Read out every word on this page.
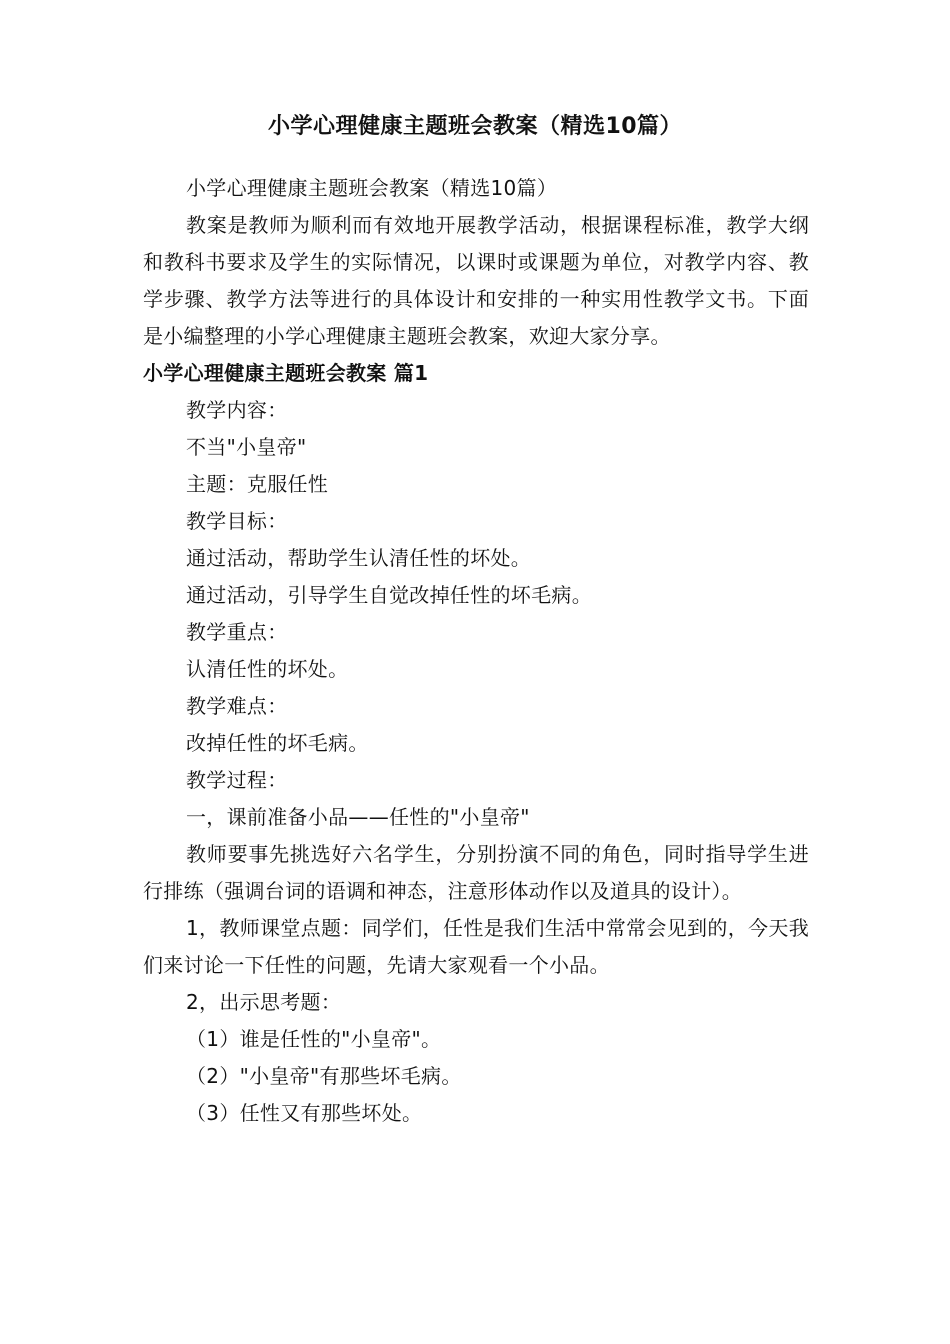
小学心理健康主题班会教案（精选10篇）

小学心理健康主题班会教案（精选10篇）

教案是教师为顺利而有效地开展教学活动，根据课程标准，教学大纲和教科书要求及学生的实际情况，以课时或课题为单位，对教学内容、教学步骤、教学方法等进行的具体设计和安排的一种实用性教学文书。下面是小编整理的小学心理健康主题班会教案，欢迎大家分享。

小学心理健康主题班会教案 篇1

教学内容：

不当"小皇帝"

主题：克服任性

教学目标：

通过活动，帮助学生认清任性的坏处。

通过活动，引导学生自觉改掉任性的坏毛病。

教学重点：

认清任性的坏处。

教学难点：

改掉任性的坏毛病。

教学过程：

一，课前准备小品——任性的"小皇帝"

教师要事先挑选好六名学生，分别扮演不同的角色，同时指导学生进行排练（强调台词的语调和神态，注意形体动作以及道具的设计）。

1，教师课堂点题：同学们，任性是我们生活中常常会见到的，今天我们来讨论一下任性的问题，先请大家观看一个小品。

2，出示思考题：

（1）谁是任性的"小皇帝"。

（2）"小皇帝"有那些坏毛病。

（3）任性又有那些坏处。
